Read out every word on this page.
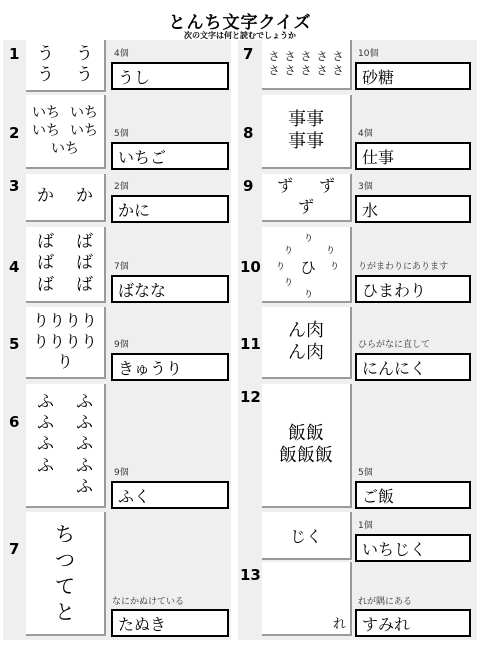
とんち文字クイズ
次の文字は何と読むでしょうか
1 う う
う う
4個
うし
2
いち いち
いち いち
いち
5個
いちご
3
か か 2個
かに
4
ば ば
ば ば
ば ば
7個
ばなな
5
りりりり
りりりり
り
9個
きゅうり
6
ふ ふ
ふ ふ
ふ ふ
ふ ふ
ふ
9個
ふく
7
ち
つ
て
と	なにかぬけている
たぬき
7 さ さ さ さ さ
さ さ さ さ さ
10個
砂糖
8
事事
事事	4個
仕事
9 ず ず
ず
3個
水
10
り
り	り
り ひ り
り
り
りがまわりにあります
ひまわり
11
ん肉
ん肉	ひらがなに直して
にんにく
12
飯飯
飯飯飯
5個
ご飯
13
じく
れ
1個
いちじく
れが隅にある
すみれ
